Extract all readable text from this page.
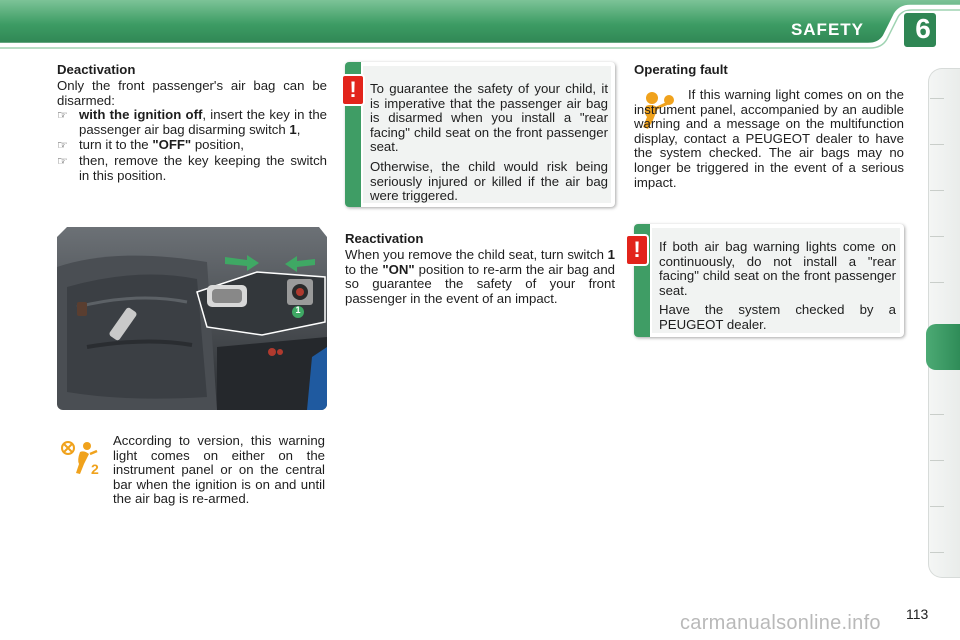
SAFETY 6
Deactivation

Only the front passenger's air bag can be disarmed:

☞ with the ignition off, insert the key in the passenger air bag disarming switch 1,

☞ turn it to the "OFF" position,

☞ then, remove the key keeping the switch in this position.

1
2

According to version, this warning light comes on either on the instrument panel or on the central bar when the ignition is on and until the air bag is re-armed.

!	To guarantee the safety of your child, it is imperative that the passenger air bag is disarmed when you install a "rear facing" child seat on the front passenger seat.

Otherwise, the child would risk being seriously injured or killed if the air bag were triggered.

Reactivation

When you remove the child seat, turn switch 1 to the "ON" position to re-arm the air bag and so guarantee the safety of your front passenger in the event of an impact.

Operating fault

If this warning light comes on on the instrument panel, accompanied by an audible warning and a message on the multifunction display, contact a PEUGEOT dealer to have the system checked. The air bags may no longer be triggered in the event of a serious impact.

!	If both air bag warning lights come on continuously, do not install a "rear facing" child seat on the front passenger seat.

Have the system checked by a PEUGEOT dealer.

113
carmanualsonline.info
